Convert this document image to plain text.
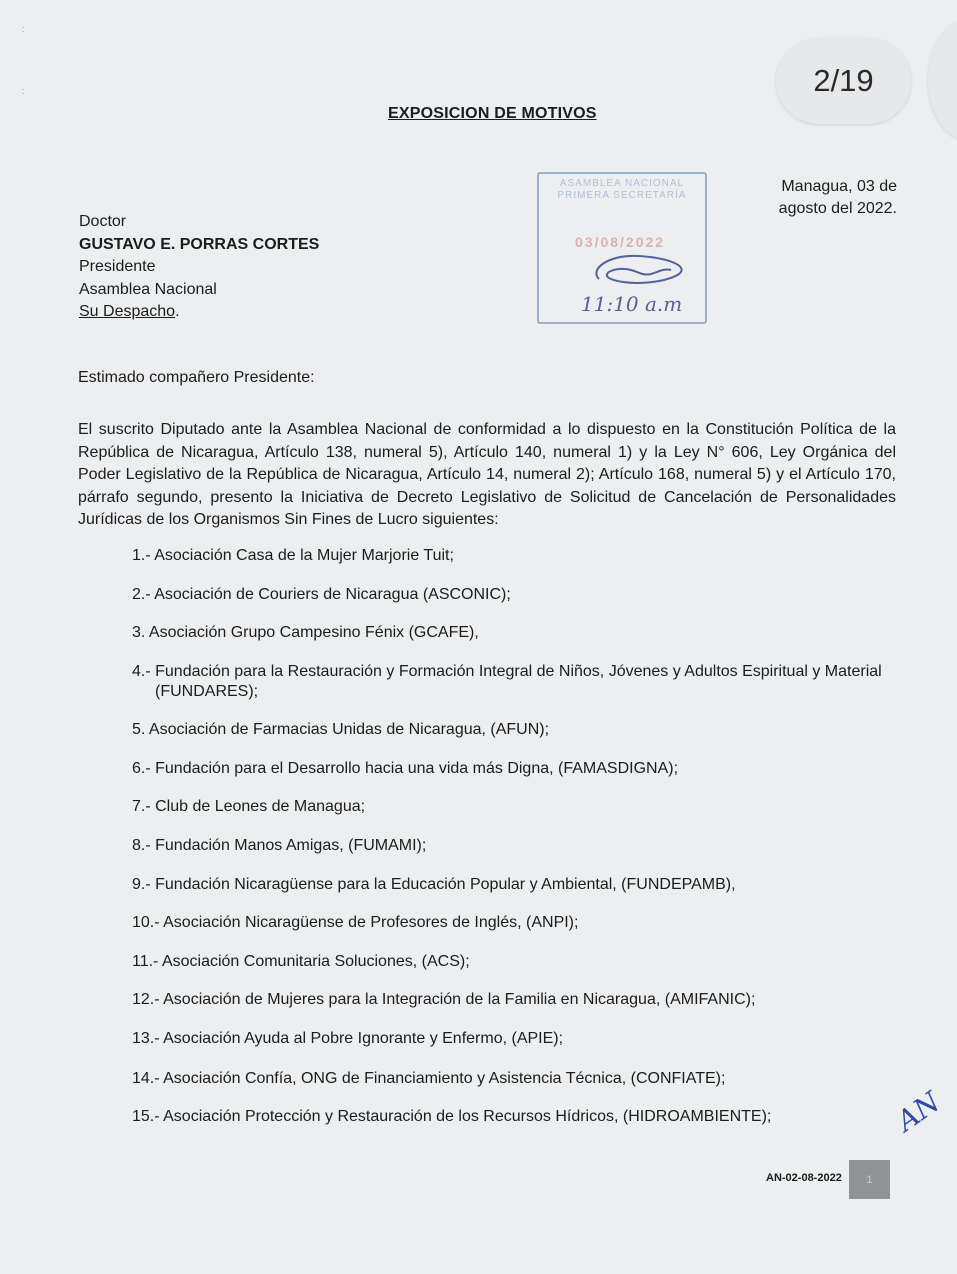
:
:	2/19
EXPOSICION DE MOTIVOS
Managua, 03 de
agosto del 2022.
ASAMBLEA NACIONAL
PRIMERA SECRETARÍA
03/08/2022
11:10 a.m
Doctor
GUSTAVO E. PORRAS CORTES
Presidente
Asamblea Nacional
Su Despacho.
Estimado compañero Presidente:
El suscrito Diputado ante la Asamblea Nacional de conformidad a lo dispuesto en la Constitución Política de la República de Nicaragua, Artículo 138, numeral 5), Artículo 140, numeral 1) y la Ley N° 606, Ley Orgánica del Poder Legislativo de la República de Nicaragua, Artículo 14, numeral 2); Artículo 168, numeral 5) y el Artículo 170, párrafo segundo, presento la Iniciativa de Decreto Legislativo de Solicitud de Cancelación de Personalidades Jurídicas de los Organismos Sin Fines de Lucro siguientes:
1.- Asociación Casa de la Mujer Marjorie Tuit;
2.- Asociación de Couriers de Nicaragua (ASCONIC);
3. Asociación Grupo Campesino Fénix (GCAFE),
4.- Fundación para la Restauración y Formación Integral de Niños, Jóvenes y Adultos Espiritual y Material
(FUNDARES);
5. Asociación de Farmacias Unidas de Nicaragua, (AFUN);
6.- Fundación para el Desarrollo hacia una vida más Digna, (FAMASDIGNA);
7.- Club de Leones de Managua;
8.- Fundación Manos Amigas, (FUMAMI);
9.- Fundación Nicaragüense para la Educación Popular y Ambiental, (FUNDEPAMB),
10.- Asociación Nicaragüense de Profesores de Inglés, (ANPI);
11.- Asociación Comunitaria Soluciones, (ACS);
12.- Asociación de Mujeres para la Integración de la Familia en Nicaragua, (AMIFANIC);
13.- Asociación Ayuda al Pobre Ignorante y Enfermo, (APIE);
14.- Asociación Confía, ONG de Financiamiento y Asistencia Técnica, (CONFIATE);
15.- Asociación Protección y Restauración de los Recursos Hídricos, (HIDROAMBIENTE);	AN
AN-02-08-2022	1
